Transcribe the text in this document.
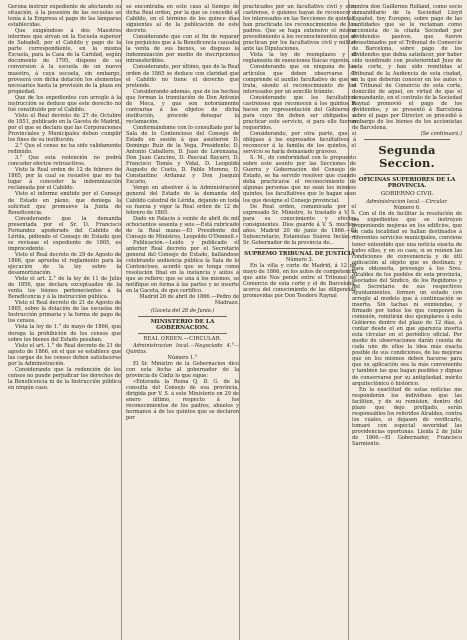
Gerona instruir expediente de afectando su situación, á la posesión de las escuelas se tenía á la Empresa el pago de las lámparas establecidas.

Que exigiéndose á dos Maestros interinos que sirvan en la Escuela superior de Sabadell, por el Cabildo y pago de la parte correspondiente, en la misma Escuela, para la Casa de la Caridad, según documento de 1795, dispone de su conversion á la escuela de un nuevo maestro, á cuya escuela, sin embargo, proveerá con dicha dotación los elementos necesarios hasta la provisión de la plaza en propiedad.

Que de los expedientes con arreglo á la instrucción se deduce que este derecho no fué constituido por el Cabildo.

Visto el Real decreto de 27 de Octubre de 1851, publicado en la Gaceta de Madrid, por el que se declara que las Corporaciones Provinciales y Municipales deben cumplir los fines de su institución.

2.° Que el censo no ha sido validamente redimido.

3.° Que esta redención no podrá conceder efectos retroactivos.

Visto la Real orden de 12 de febrero de 1865, por la cual se resuelve que no ha lugar á conceder la indemnización reclamada por el Cabildo.

Visto el informe emitido por el Consejo de Estado en pleno, que deniega la solicitud que promueve la Junta de Beneficencia.

Considerando que la demanda presentada por el Sr. D. Francisco Fernandez apoderado del Cabildo de Lérida, pidiendo el Consejo de Estado que se revisase el expediente de 1865, es improcedente.

Visto el Real decreto de 29 de Agosto de 1866, que aprueba el reglamento para la ejecución de la ley sobre la desamortización.

Visto el art. 2.° de la ley de 11 de Julio de 1856, que declara exceptuados de la venta los bienes pertenecientes á la Beneficencia y á la instrucción pública.

Visto el Real decreto de 21 de Agosto de 1865, sobre la dotación de las escuelas de Instrucción primaria y la forma de pago de los censos.

Vista la ley de 1.° de mayo de 1866, que deroga la prohibición de los censos que sobre los bienes del Estado pesaban.

Visto el art. 1.° de Real decreto de 21 de agosto de 1866, en el que se establece que las cargas de los censos deben satisfacerse por la Administración.

Considerando que la redención de los censos no puede perjudicar los derechos de la Beneficencia ni de la Instrucción pública en ningún caso.

se encontraba en este caso al tiempo de dicha Real orden, por la que se concedió al Cabildo, en el término de los quince días siguientes al de la publicación de este decreto.

Considerando que con el fin de reparar los perjuicios que á la Beneficencia causaba la venta de sus bienes, se dispuso la indemnización por medio de inscripciones intransferibles.

Considerando, por último, que de la Real orden de 1865 se deduce con claridad que el Cabildo no tiene el derecho que pretende.

Considerando además, que de los hechos que forman la tramitación de Don Antonio de Meca, y que son notoriamente contrarias á los objetos de dicha institución, procede denegar la reclamación.

Conformándome con lo consultado por la Sala de lo Contencioso del Consejo de Estado en sesión á que asistieron D. Domingo Ruiz de la Vega, Presidente; D. Antonio Caballero, D. Juan de Lorenzana, Don Juan Cancino, D. Pascual Bayarri, D. Francisco Tomás y Vidal, D. Leopoldo Augusto de Cueto, D. Pablo Moreno, D. Constantino Ardanaz y Don Joaquín Escario,

Vengo en absolver á la Administración general del Estado de la demanda del Cabildo catedral de Lérida, dejando en toda su fuerza y vigor la Real orden de 12 de febrero de 1865.

Dado en Palacio á veinte de abril de mil ochocientos sesenta y seis.—Está rubricado de la Real mano.—El Presidente del Consejo de Ministros, Leopoldo O'Donnell.»

Publicación.—Leído y publicado el anterior Real decreto por el Secretario general del Consejo de Estado, hallándose celebrando audiencia pública la Sala de lo Contencioso, acordó que se tenga como resolución final en la instancia y autos á que se refiere; que se una á los mismos, se notifique en forma á las partes y se inserte en la Gaceta, de que certifico.

Madrid 26 de abril de 1866.—Pedro de Madrazo.

(Gaceta del 28 de Junio.)

MINISTERIO DE LA GOBERNACION.

REAL ORDEN.—CIRCULAR.

Administracion local.—Negociado 4.°—Quintas.

Número 1.°

El Sr. Ministro de la Gobernacion dice con esta fecha al gobernador de la provincia de Cádiz lo que sigue:

«Enterada la Reina Q. D. G. de la consulta del Consejo de esa provincia, dirigida por V. S. á este Ministerio en 29 de enero último, respecto á los reconocimientos de los padres, abuelos y hermanos á de los quintos que se declaren por

practicados por un facultativo civil y otro castrense, ó quienes hayan de reconocer á los interesados en las Secciones de quintas, han practicado los reconocimientos de los padres. Que se haga extensivo el mismo procedimiento á los reconocimientos que se practican por los facultativos civil y militar ante las Diputaciones.

Vista la ley de reemplazos y el reglamento de exenciones físicas vigente.

Considerando que en ninguna de las artículos que deben observarse se comprende el auxilio facultativo de que se trata, siendo el reconocimiento de los interesados por un sencillo trámite.

Considerando que los facultativos castrenses que reconocen á los quintos lo hacen en representación del Gobierno y para cuyo fin deben ser obligados á practicar este servicio, si para ello fueren requeridos.

Considerando, por otra parte, que si obligase á los expresados facultativos á reconocer á la familia de los quintos, el servicio se haría demasiado gravoso.

S. M., de conformidad con lo propuesto sobre este asunto por las Secciones de Guerra y Gobernación del Consejo de Estado, se ha servido resolver que cuando deba practicarse el reconocimiento de algunas personas que no sean los mismos quintos, los facultativos que lo hagan sean los que designe el Consejo provincial.

De Real orden, comunicada por el expresado Sr. Ministro, lo traslado á V. S. para su conocimiento y efectos consiguientes. Dios guarde á V. S. muchos años. Madrid 20 de junio de 1866.—El Subsecretario, Estanislao Suárez Inclán.—Sr. Gobernador de la provincia de...

SUPREMO TRIBUNAL DE JUSTICIA

Número 3.

En la villa y corte de Madrid, á 12 de mayo de 1866, en los autos de competencia que ante Nos pende entre el Tribunal de Comercio de esta corte y el de Barcelona, acerca del conocimiento de las diligencias promovidas por Don Teodoro Raynal

contra don Guillermo Rolland, como socio comanditario de la Sociedad Lloyd Español, hoy Europeo, sobre pago de las cantidades que se le reclaman como accionista de la citada Sociedad por dividendos pasivos, que fueron desestimados por el Tribunal de Comercio de Barcelona, sobre pago de los dividendos que debia satisfacer, por haber sido nombrado con posterioridad Juez de esta corte, y han sido remitidas al Tribunal de la Audiencia de esta ciudad, en la que deberán conocer en los autos ó el Tribunal de Comercio de esta corte, domicilio de aquel, en virtud de que el demandante, en el contrato de la Sociedad Raynal promovió el pago de los dividendos, y se presentó á Barcelona sobre el pago por Director, se procedió á embargo de los bienes de los accionistas de Barcelona.

(Se continuará.)

Segunda Seccion.

OFICINAS SUPERIORES DE LA PROVINCIA.

GOBIERNO CIVIL

Administracion local.—Circular.

Número 6.

Con el fin de facilitar la resolución de los expedientes que se instruyen proponiendo mejoras en los edificios, que en cada localidad se hallan destinados á diferentes servicios municipales, conviene tener entendido que una noticia exacta de todos ellos, y en su caso, si se reúnen las condiciones de conveniencia y de útil aplicación al objeto que se destinan; y para obtenerla, prevengo á los Sres. Alcaldes de los pueblos de esta provincia, asociados del Síndico, de los Regidores y del Secretario de sus respectivos Ayuntamientos, formen un estado con arreglo al modelo que á continuación se inserta. Sin tachas ni enmiendas, y firmado por todos los que componen la comisión, remitirán dos ejemplares á este Gobierno dentro del plazo de 12 días, á contar desde el en que aparezca inserta esta circular en el periódico oficial. Por medio de observaciones darán cuenta de cada uno de ellos la idea más exacta posible de sus condiciones, de las mejoras que en los mismos deben hacerse para que su aplicación sea la más conveniente y también las que hagan posibles y dignas de conservarse por su antigüedad, mérito arquitectónico ó histórico.

En la exactitud de estas noticias me responderán los individuos que las faciliten, y de su remision, dentro del plazo que dejo prefijado, serán responsables los referidos Alcaldes, contra los cuales, si dejasen de verificarlo, tomaré con especial severidad las providencias oportunas. Lleida 2 de Julio de 1866.—El Gobernador, Francisco Sarmiento.
